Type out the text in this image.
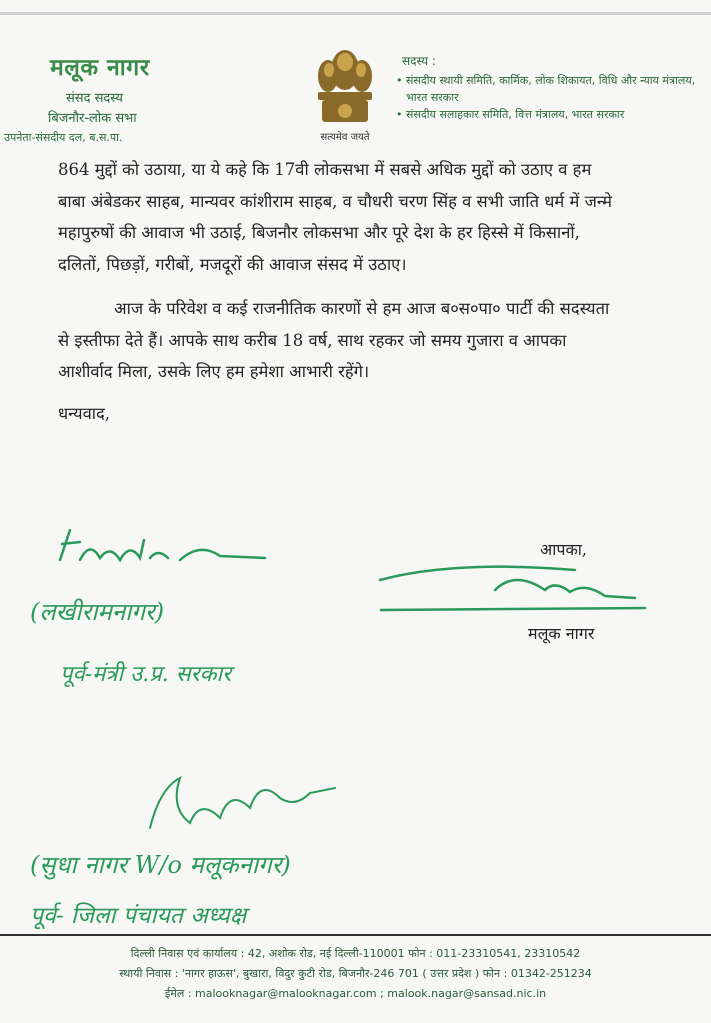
मलूक नागर
संसद सदस्य
बिजनौर-लोक सभा
उपनेता-संसदीय दल, ब.स.पा.	सत्यमेव जयते
सदस्य :
• संसदीय स्थायी समिति, कार्मिक, लोक शिकायत, विधि और न्याय मंत्रालय, भारत सरकार
• संसदीय सलाहकार समिति, वित्त मंत्रालय, भारत सरकार

864 मुद्दों को उठाया, या ये कहे कि 17वी लोकसभा में सबसे अधिक मुद्दों को उठाए व हम बाबा अंबेडकर साहब, मान्यवर कांशीराम साहब, व चौधरी चरण सिंह व सभी जाति धर्म में जन्मे महापुरुषों की आवाज भी उठाई, बिजनौर लोकसभा और पूरे देश के हर हिस्से में किसानों, दलितों, पिछड़ों, गरीबों, मजदूरों की आवाज संसद में उठाए।

आज के परिवेश व कई राजनीतिक कारणों से हम आज ब०स०पा० पार्टी की सदस्यता से इस्तीफा देते हैं। आपके साथ करीब 18 वर्ष, साथ रहकर जो समय गुजारा व आपका आशीर्वाद मिला, उसके लिए हम हमेशा आभारी रहेंगे।

धन्यवाद,

(लखीरामनागर)
पूर्व-मंत्री उ.प्र. सरकार
आपका,
मलूक नागर
(सुधा नागर W/o मलूकनागर)
पूर्व- जिला पंचायत अध्यक्ष
दिल्ली निवास एवं कार्यालय : 42, अशोक रोड, नई दिल्ली-110001 फोन : 011-23310541, 23310542
स्थायी निवास : 'नागर हाऊस', बुखारा, विदुर कुटी रोड, बिजनौर-246 701 ( उत्तर प्रदेश ) फोन : 01342-251234
ईमेल : malooknagar@malooknagar.com ; malook.nagar@sansad.nic.in
